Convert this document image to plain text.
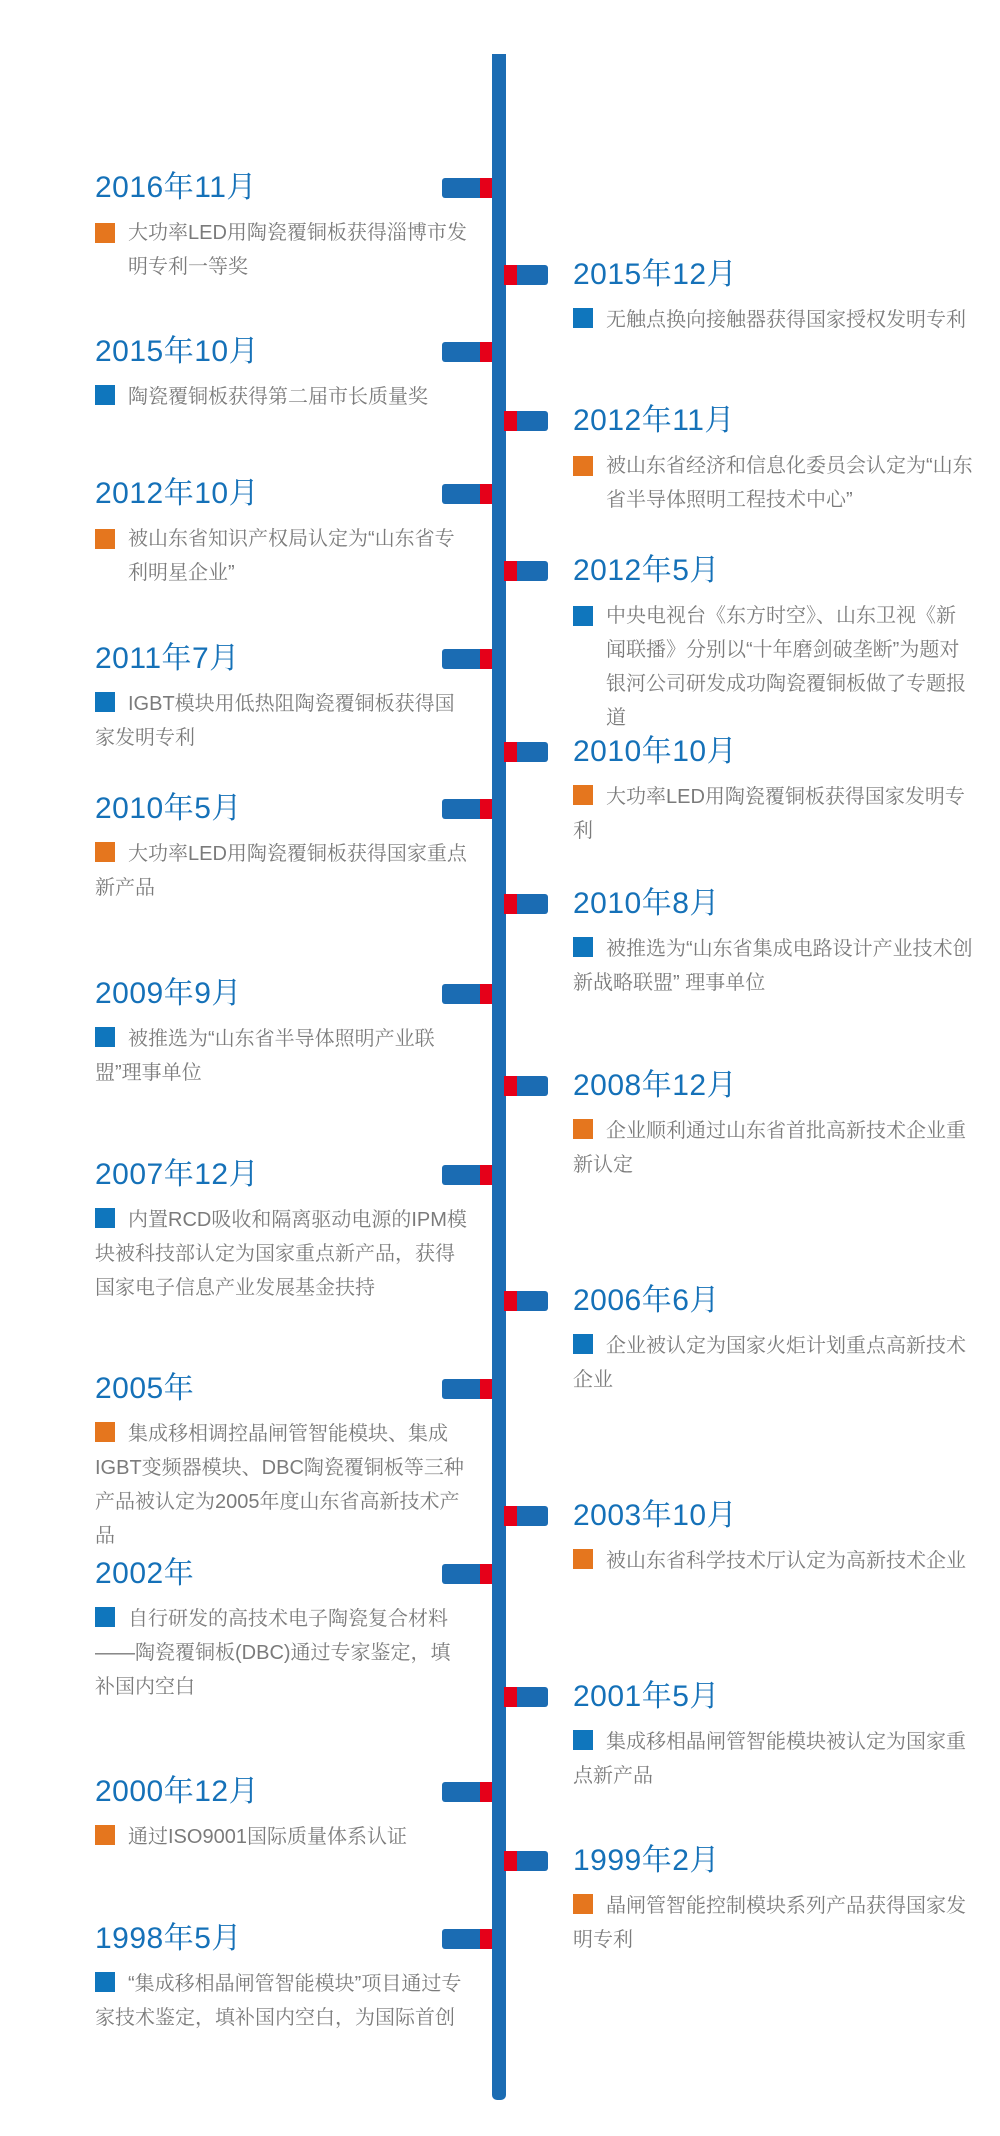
2016年11月
大功率LED用陶瓷覆铜板获得淄博市发明专利一等奖	2015年12月
无触点换向接触器获得国家授权发明专利
2015年10月
陶瓷覆铜板获得第二届市长质量奖
2012年11月
被山东省经济和信息化委员会认定为“山东省半导体照明工程技术中心”
2012年10月
被山东省知识产权局认定为“山东省专利明星企业”	2012年5月
中央电视台《东方时空》、山东卫视《新闻联播》分别以“十年磨剑破垄断”为题对银河公司研发成功陶瓷覆铜板做了专题报道
2011年7月
IGBT模块用低热阻陶瓷覆铜板获得国家发明专利	2010年10月
大功率LED用陶瓷覆铜板获得国家发明专利
2010年5月
大功率LED用陶瓷覆铜板获得国家重点新产品	2010年8月
被推选为“山东省集成电路设计产业技术创新战略联盟” 理事单位
2009年9月
被推选为“山东省半导体照明产业联盟”理事单位	2008年12月
企业顺利通过山东省首批高新技术企业重新认定
2007年12月
内置RCD吸收和隔离驱动电源的IPM模块被科技部认定为国家重点新产品，获得国家电子信息产业发展基金扶持	2006年6月
企业被认定为国家火炬计划重点高新技术企业
2005年
集成移相调控晶闸管智能模块、集成IGBT变频器模块、DBC陶瓷覆铜板等三种产品被认定为2005年度山东省高新技术产品
2003年10月
被山东省科学技术厅认定为高新技术企业
2002年
自行研发的高技术电子陶瓷复合材料——陶瓷覆铜板(DBC)通过专家鉴定，填补国内空白	2001年5月
集成移相晶闸管智能模块被认定为国家重点新产品
2000年12月
通过ISO9001国际质量体系认证
1999年2月
晶闸管智能控制模块系列产品获得国家发明专利
1998年5月
“集成移相晶闸管智能模块”项目通过专家技术鉴定，填补国内空白，为国际首创
